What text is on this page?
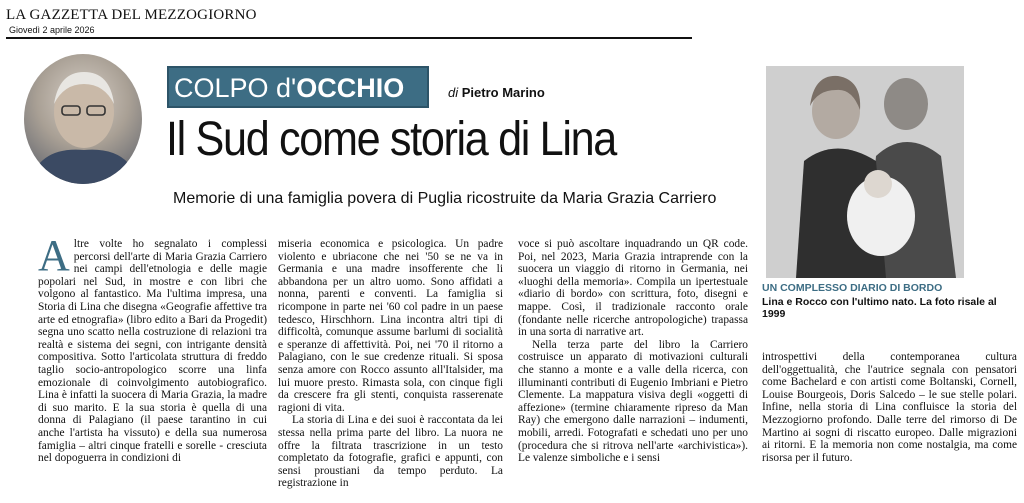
LA GAZZETTA DEL MEZZOGIORNO
Giovedì 2 aprile 2026
COLPO d'OCCHIO	di Pietro Marino
Il Sud come storia di Lina
Memorie di una famiglia povera di Puglia ricostruite da Maria Grazia Carriero
UN COMPLESSO DIARIO DI BORDO
Lina e Rocco con l'ultimo nato. La foto risale al 1999

Altre volte ho segnalato i complessi percorsi dell'arte di Maria Grazia Carriero nei campi dell'etnologia e delle magie popolari nel Sud, in mostre e con libri che volgono al fantastico. Ma l'ultima impresa, una Storia di Lina che disegna «Geografie affettive tra arte ed etnografia» (libro edito a Bari da Progedit) segna uno scatto nella costruzione di relazioni tra realtà e sistema dei segni, con intrigante densità compositiva. Sotto l'articolata struttura di freddo taglio socio-antropologico scorre una linfa emozionale di coinvolgimento autobiografico. Lina è infatti la suocera di Maria Grazia, la madre di suo marito. E la sua storia è quella di una donna di Palagiano (il paese tarantino in cui anche l'artista ha vissuto) e della sua numerosa famiglia – altri cinque fratelli e sorelle - cresciuta nel dopoguerra in condizioni di

miseria economica e psicologica. Un padre violento e ubriacone che nei '50 se ne va in Germania e una madre insofferente che li abbandona per un altro uomo. Sono affidati a nonna, parenti e conventi. La famiglia si ricompone in parte nei '60 col padre in un paese tedesco, Hirschhorn. Lina incontra altri tipi di difficoltà, comunque assume barlumi di socialità e speranze di affettività. Poi, nei '70 il ritorno a Palagiano, con le sue credenze rituali. Si sposa senza amore con Rocco assunto all'Italsider, ma lui muore presto. Rimasta sola, con cinque figli da crescere fra gli stenti, conquista rasserenate ragioni di vita.

La storia di Lina e dei suoi è raccontata da lei stessa nella prima parte del libro. La nuora ne offre la filtrata trascrizione in un testo completato da fotografie, grafici e appunti, con sensi proustiani da tempo perduto. La registrazione in

voce si può ascoltare inquadrando un QR code. Poi, nel 2023, Maria Grazia intraprende con la suocera un viaggio di ritorno in Germania, nei «luoghi della memoria». Compila un ipertestuale «diario di bordo» con scrittura, foto, disegni e mappe. Così, il tradizionale racconto orale (fondante nelle ricerche antropologiche) trapassa in una sorta di narrative art.

Nella terza parte del libro la Carriero costruisce un apparato di motivazioni culturali che stanno a monte e a valle della ricerca, con illuminanti contributi di Eugenio Imbriani e Pietro Clemente. La mappatura visiva degli «oggetti di affezione» (termine chiaramente ripreso da Man Ray) che emergono dalle narrazioni – indumenti, mobili, arredi. Fotografati e schedati uno per uno (procedura che si ritrova nell'arte «archivistica»). Le valenze simboliche e i sensi

introspettivi della contemporanea cultura dell'oggettualità, che l'autrice segnala con pensatori come Bachelard e con artisti come Boltanski, Cornell, Louise Bourgeois, Doris Salcedo – le sue stelle polari. Infine, nella storia di Lina confluisce la storia del Mezzogiorno profondo. Dalle terre del rimorso di De Martino ai sogni di riscatto europeo. Dalle migrazioni ai ritorni. E la memoria non come nostalgia, ma come risorsa per il futuro.
